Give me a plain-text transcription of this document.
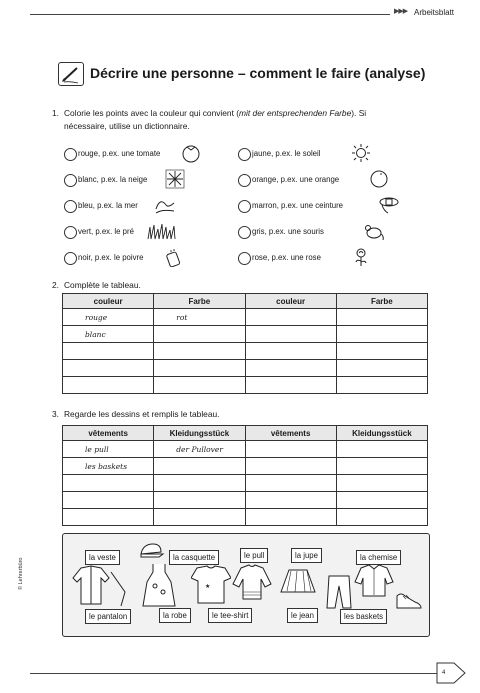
▶▶▶ Arbeitsblatt
Décrire une personne – comment le faire (analyse)
1. Colorie les points avec la couleur qui convient (mit der entsprechenden Farbe). Si
nécessaire, utilise un dictionnaire.
rouge, p.ex. une tomate
blanc, p.ex. la neige
bleu, p.ex. la mer
vert, p.ex. le pré
noir, p.ex. le poivre
jaune, p.ex. le soleil
orange, p.ex. une orange
marron, p.ex. une ceinture
gris, p.ex. une souris
rose, p.ex. une rose
2. Complète le tableau.
couleur	Farbe	couleur	Farbe
rouge	rot		
blanc			

3. Regarde les dessins et remplis le tableau.
vêtements	Kleidungsstück	vêtements	Kleidungsstück
le pull	der Pullover		
les baskets			

la veste	la casquette	le pull	la jupe	la chemise
le pantalon	la robe	le tee-shirt	le jean	les baskets
★
© Lehrerbüro
4
